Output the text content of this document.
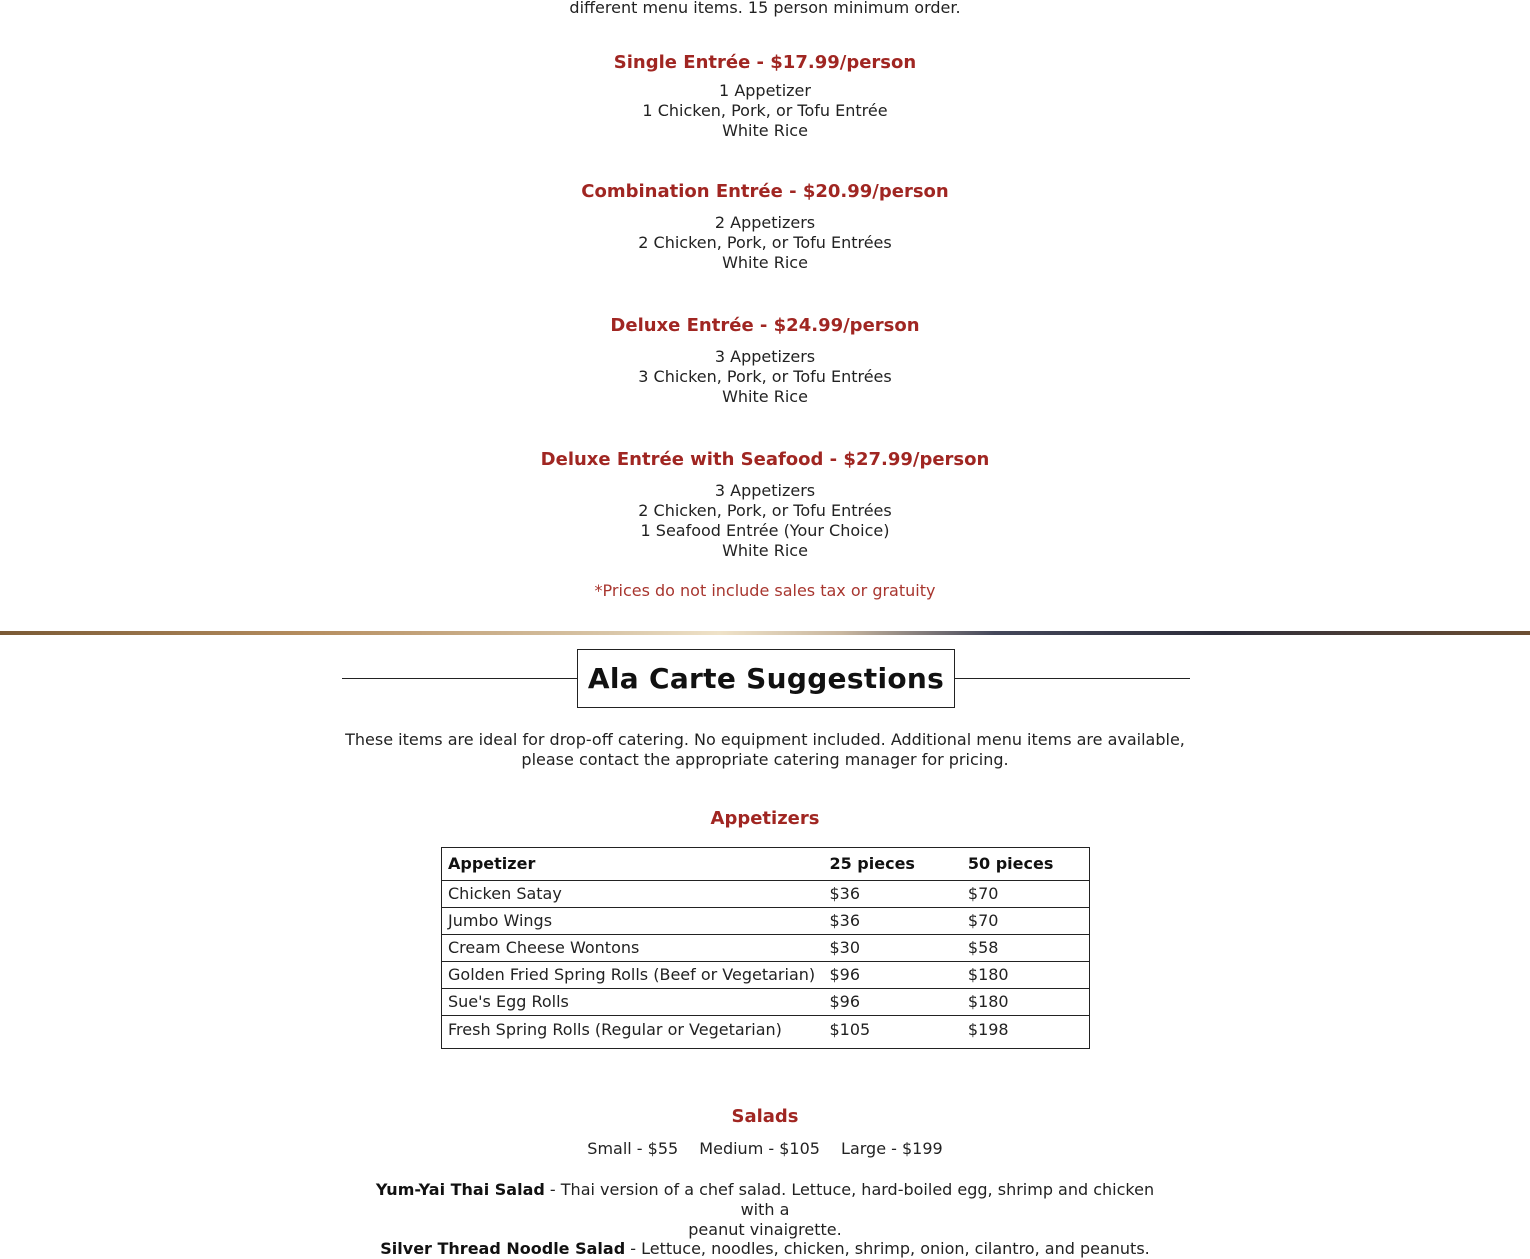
different menu items. 15 person minimum order.
Single Entrée - $17.99/person
1 Appetizer
1 Chicken, Pork, or Tofu Entrée
White Rice
Combination Entrée - $20.99/person
2 Appetizers
2 Chicken, Pork, or Tofu Entrées
White Rice
Deluxe Entrée - $24.99/person
3 Appetizers
3 Chicken, Pork, or Tofu Entrées
White Rice
Deluxe Entrée with Seafood - $27.99/person
3 Appetizers
2 Chicken, Pork, or Tofu Entrées
1 Seafood Entrée (Your Choice)
White Rice
*Prices do not include sales tax or gratuity
Ala Carte Suggestions

These items are ideal for drop-off catering. No equipment included. Additional menu items are available,

please contact the appropriate catering manager for pricing.

Appetizers
Appetizer	25 pieces	50 pieces
Chicken Satay	$36	$70
Jumbo Wings	$36	$70
Cream Cheese Wontons	$30	$58
Golden Fried Spring Rolls (Beef or Vegetarian)	$96	$180
Sue's Egg Rolls	$96	$180
Fresh Spring Rolls (Regular or Vegetarian)	$105	$198
Salads
Small - $55 Medium - $105 Large - $199
Yum-Yai Thai Salad - Thai version of a chef salad. Lettuce, hard-boiled egg, shrimp and chicken with a
peanut vinaigrette.
Silver Thread Noodle Salad - Lettuce, noodles, chicken, shrimp, onion, cilantro, and peanuts.
